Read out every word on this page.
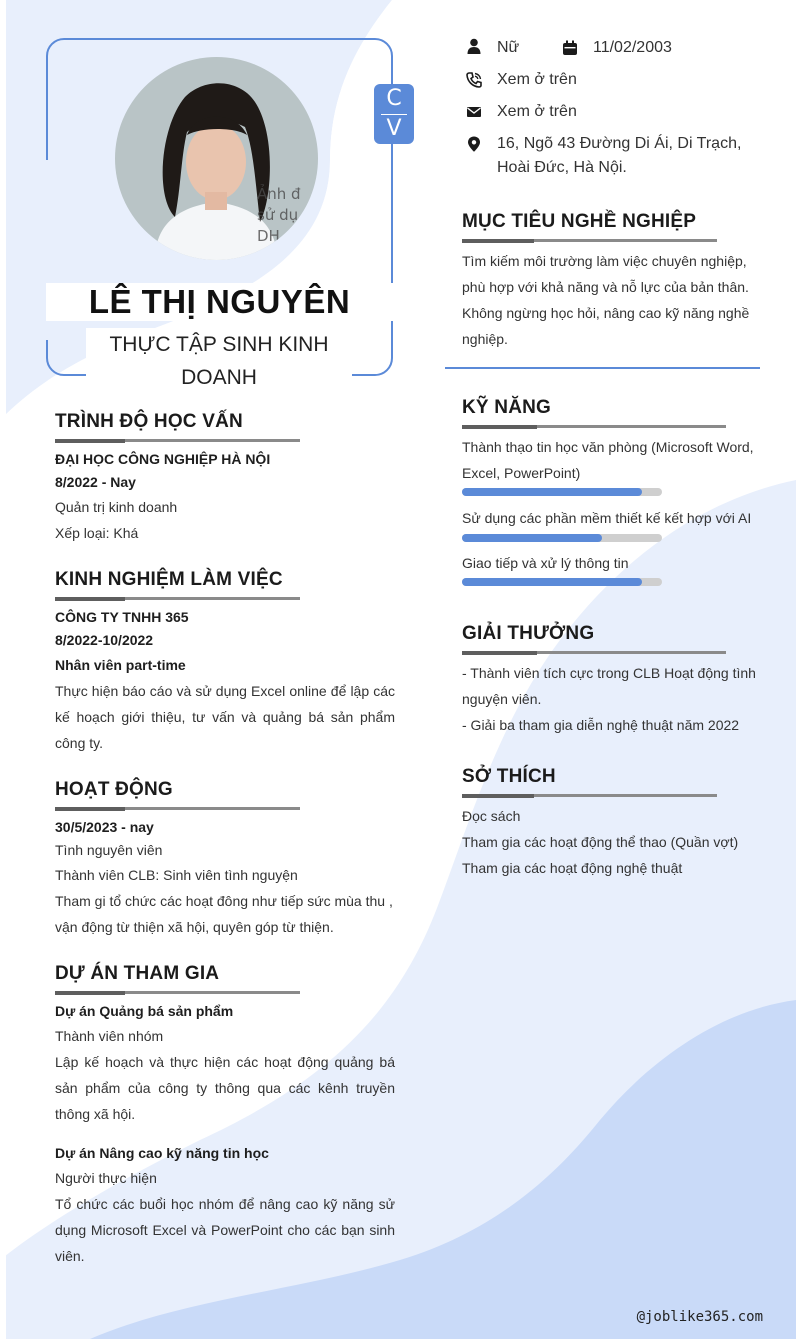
Ảnh đ
sử dụ
DH
C
V
LÊ THỊ NGUYÊN
THỰC TẬP SINH KINH DOANH
TRÌNH ĐỘ HỌC VẤN
ĐẠI HỌC CÔNG NGHIỆP HÀ NỘI
8/2022 - Nay
Quản trị kinh doanh
Xếp loại: Khá
KINH NGHIỆM LÀM VIỆC
CÔNG TY TNHH 365
8/2022-10/2022
Nhân viên part-time
Thực hiện báo cáo và sử dụng Excel online để lập các kế hoạch giới thiệu, tư vấn và quảng bá sản phẩm công ty.
HOẠT ĐỘNG
30/5/2023 - nay
Tình nguyên viên
Thành viên CLB: Sinh viên tình nguyện
Tham gi tổ chức các hoạt đông như tiếp sức mùa thu , vận động từ thiện xã hội, quyên góp từ thiện.
DỰ ÁN THAM GIA
Dự án Quảng bá sản phẩm
Thành viên nhóm
Lập kế hoạch và thực hiện các hoạt động quảng bá sản phẩm của công ty thông qua các kênh truyền thông xã hội.
Dự án Nâng cao kỹ năng tin học
Người thực hiện
Tổ chức các buổi học nhóm để nâng cao kỹ năng sử dụng Microsoft Excel và PowerPoint cho các bạn sinh viên.
Nữ	11/02/2003
Xem ở trên
Xem ở trên
16, Ngõ 43 Đường Di Ái, Di Trạch,
Hoài Đức, Hà Nội.
MỤC TIÊU NGHỀ NGHIỆP
Tìm kiếm môi trường làm việc chuyên nghiệp, phù hợp với khả năng và nỗ lực của bản thân. Không ngừng học hỏi, nâng cao kỹ năng nghề nghiệp.
KỸ NĂNG
Thành thạo tin học văn phòng (Microsoft Word, Excel, PowerPoint)
Sử dụng các phần mềm thiết kế kết hợp với AI
Giao tiếp và xử lý thông tin
GIẢI THƯỞNG
- Thành viên tích cực trong CLB Hoạt động tình nguyện viên.
- Giải ba tham gia diễn nghệ thuật năm 2022
SỞ THÍCH
Đọc sách
Tham gia các hoạt động thể thao (Quần vợt)
Tham gia các hoạt động nghệ thuật
@joblike365.com
